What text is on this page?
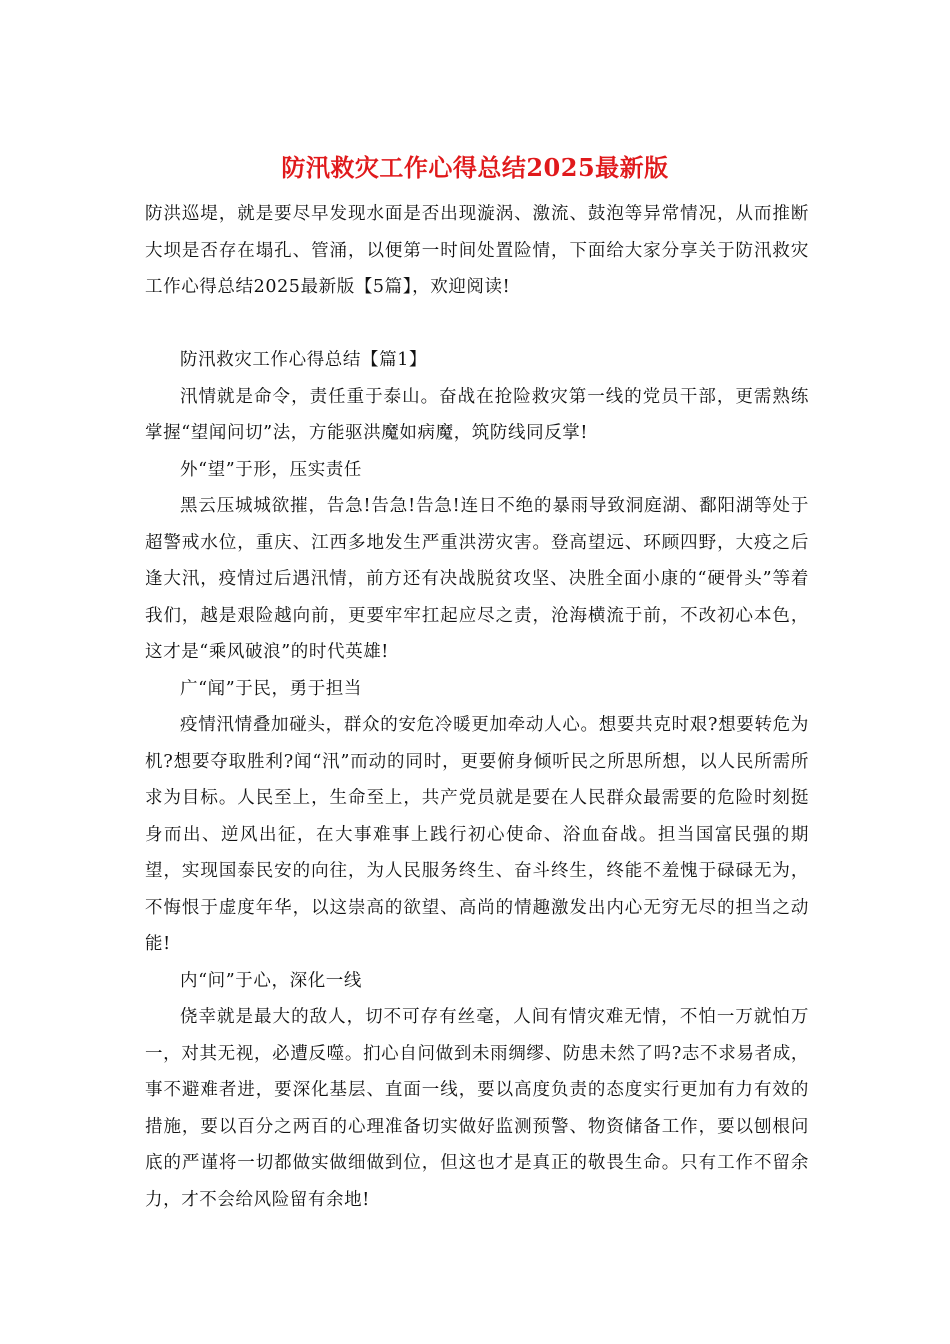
防汛救灾工作心得总结2025最新版

防洪巡堤，就是要尽早发现水面是否出现漩涡、激流、鼓泡等异常情况，从而推断大坝是否存在塌孔、管涌，以便第一时间处置险情，下面给大家分享关于防汛救灾工作心得总结2025最新版【5篇】，欢迎阅读!

防汛救灾工作心得总结【篇1】

汛情就是命令，责任重于泰山。奋战在抢险救灾第一线的党员干部，更需熟练掌握“望闻问切”法，方能驱洪魔如病魔，筑防线同反掌!

外“望”于形，压实责任

黑云压城城欲摧，告急!告急!告急!连日不绝的暴雨导致洞庭湖、鄱阳湖等处于超警戒水位，重庆、江西多地发生严重洪涝灾害。登高望远、环顾四野，大疫之后逢大汛，疫情过后遇汛情，前方还有决战脱贫攻坚、决胜全面小康的“硬骨头”等着我们，越是艰险越向前，更要牢牢扛起应尽之责，沧海横流于前，不改初心本色，这才是“乘风破浪”的时代英雄!

广“闻”于民，勇于担当

疫情汛情叠加碰头，群众的安危冷暖更加牵动人心。想要共克时艰?想要转危为机?想要夺取胜利?闻“汛”而动的同时，更要俯身倾听民之所思所想，以人民所需所求为目标。人民至上，生命至上，共产党员就是要在人民群众最需要的危险时刻挺身而出、逆风出征，在大事难事上践行初心使命、浴血奋战。担当国富民强的期望，实现国泰民安的向往，为人民服务终生、奋斗终生，终能不羞愧于碌碌无为，不悔恨于虚度年华，以这崇高的欲望、高尚的情趣激发出内心无穷无尽的担当之动能!

内“问”于心，深化一线

侥幸就是最大的敌人，切不可存有丝毫，人间有情灾难无情，不怕一万就怕万一，对其无视，必遭反噬。扪心自问做到未雨绸缪、防患未然了吗?志不求易者成，事不避难者进，要深化基层、直面一线，要以高度负责的态度实行更加有力有效的措施，要以百分之两百的心理准备切实做好监测预警、物资储备工作，要以刨根问底的严谨将一切都做实做细做到位，但这也才是真正的敬畏生命。只有工作不留余力，才不会给风险留有余地!
